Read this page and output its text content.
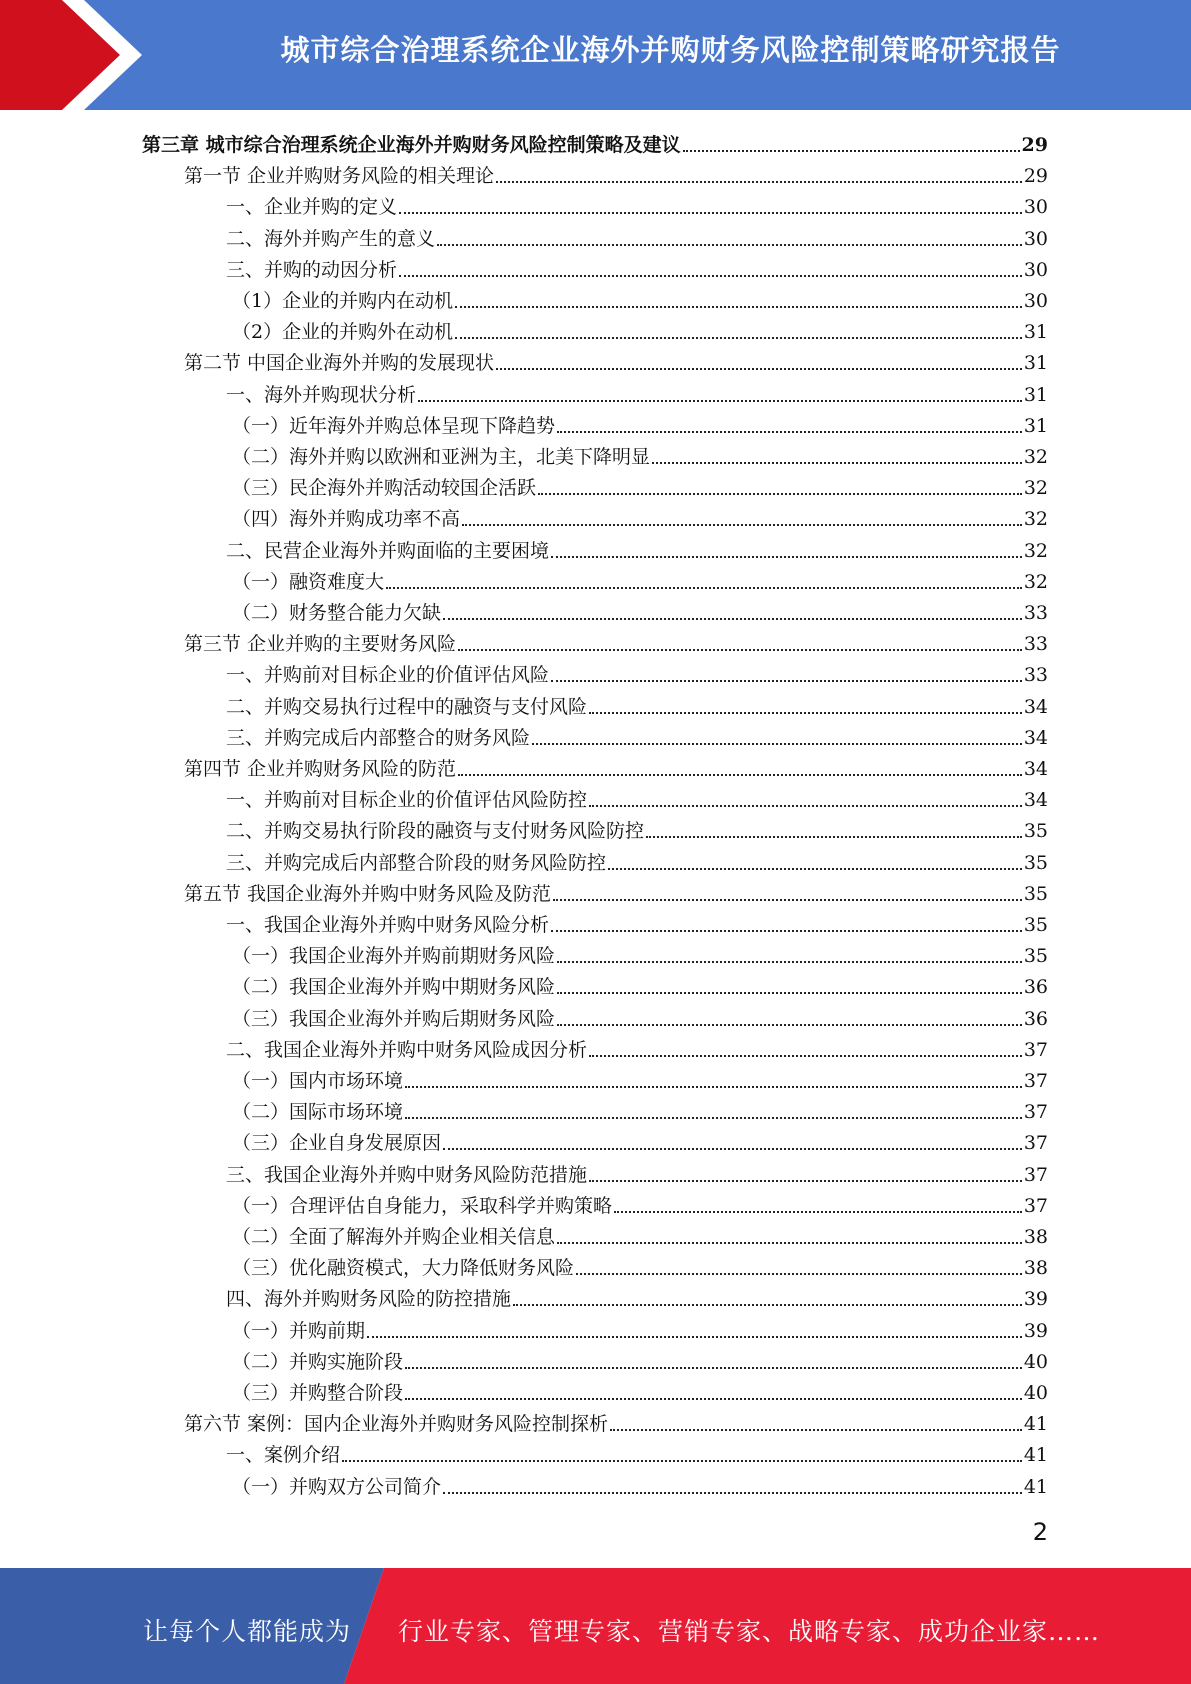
城市综合治理系统企业海外并购财务风险控制策略研究报告
第三章 城市综合治理系统企业海外并购财务风险控制策略及建议	29
第一节 企业并购财务风险的相关理论	29
一、企业并购的定义	30
二、海外并购产生的意义	30
三、并购的动因分析	30
（1）企业的并购内在动机	30
（2）企业的并购外在动机	31
第二节 中国企业海外并购的发展现状	31
一、海外并购现状分析	31
（一）近年海外并购总体呈现下降趋势	31
（二）海外并购以欧洲和亚洲为主，北美下降明显	32
（三）民企海外并购活动较国企活跃	32
（四）海外并购成功率不高	32
二、民营企业海外并购面临的主要困境	32
（一）融资难度大	32
（二）财务整合能力欠缺	33
第三节 企业并购的主要财务风险	33
一、并购前对目标企业的价值评估风险	33
二、并购交易执行过程中的融资与支付风险	34
三、并购完成后内部整合的财务风险	34
第四节 企业并购财务风险的防范	34
一、并购前对目标企业的价值评估风险防控	34
二、并购交易执行阶段的融资与支付财务风险防控	35
三、并购完成后内部整合阶段的财务风险防控	35
第五节 我国企业海外并购中财务风险及防范	35
一、我国企业海外并购中财务风险分析	35
（一）我国企业海外并购前期财务风险	35
（二）我国企业海外并购中期财务风险	36
（三）我国企业海外并购后期财务风险	36
二、我国企业海外并购中财务风险成因分析	37
（一）国内市场环境	37
（二）国际市场环境	37
（三）企业自身发展原因	37
三、我国企业海外并购中财务风险防范措施	37
（一）合理评估自身能力，采取科学并购策略	37
（二）全面了解海外并购企业相关信息	38
（三）优化融资模式，大力降低财务风险	38
四、海外并购财务风险的防控措施	39
（一）并购前期	39
（二）并购实施阶段	40
（三）并购整合阶段	40
第六节 案例：国内企业海外并购财务风险控制探析	41
一、案例介绍	41
（一）并购双方公司简介	41
2
让每个人都能成为 行业专家、管理专家、营销专家、战略专家、成功企业家……
